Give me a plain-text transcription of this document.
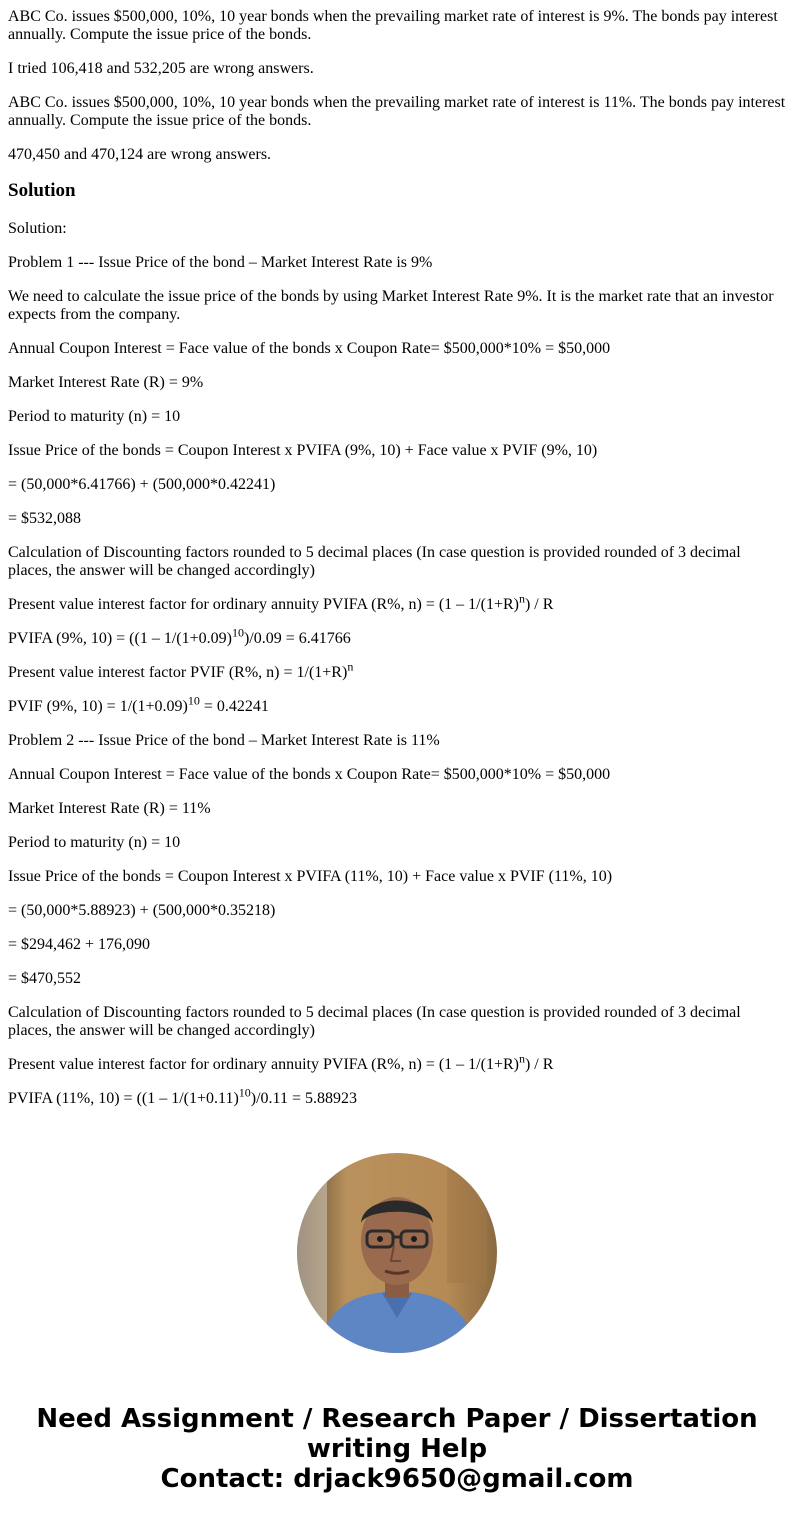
ABC Co. issues $500,000, 10%, 10 year bonds when the prevailing market rate of interest is 9%. The bonds pay interest annually. Compute the issue price of the bonds.

I tried 106,418 and 532,205 are wrong answers.

ABC Co. issues $500,000, 10%, 10 year bonds when the prevailing market rate of interest is 11%. The bonds pay interest annually. Compute the issue price of the bonds.

470,450 and 470,124 are wrong answers.

Solution

Solution:

Problem 1 --- Issue Price of the bond – Market Interest Rate is 9%

We need to calculate the issue price of the bonds by using Market Interest Rate 9%. It is the market rate that an investor expects from the company.

Annual Coupon Interest = Face value of the bonds x Coupon Rate= $500,000*10% = $50,000

Market Interest Rate (R) = 9%

Period to maturity (n) = 10

Issue Price of the bonds = Coupon Interest x PVIFA (9%, 10) + Face value x PVIF (9%, 10)

= (50,000*6.41766) + (500,000*0.42241)

= $532,088

Calculation of Discounting factors rounded to 5 decimal places (In case question is provided rounded of 3 decimal places, the answer will be changed accordingly)

Present value interest factor for ordinary annuity PVIFA (R%, $n) = (1 - 1/(1+R)^n) / R$

PVIFA (9%, $10) = ((1 - 1/(1+0.09)^{10})/0.09 = 6.41766$

Present value interest factor PVIF (R%, $n) = 1/(1+R)^n$

PVIF (9%, $10) = 1/(1+0.09)^{10} = 0.42241$

Problem 2 --- Issue Price of the bond – Market Interest Rate is 11%

Annual Coupon Interest = Face value of the bonds x Coupon Rate= $500,000*10% = $50,000

Market Interest Rate (R) = 11%

Period to maturity (n) = 10

Issue Price of the bonds = Coupon Interest x PVIFA (11%, 10) + Face value x PVIF (11%, 10)

= (50,000*5.88923) + (500,000*0.35218)

= $294,462 + 176,090

= $470,552

Calculation of Discounting factors rounded to 5 decimal places (In case question is provided rounded of 3 decimal places, the answer will be changed accordingly)

Present value interest factor for ordinary annuity PVIFA (R%, $n) = (1 - 1/(1+R)^n) / R$

PVIFA (11%, $10) = ((1 - 1/(1+0.11)^{10})/0.11 = 5.88923$

Need Assignment / Research Paper / Dissertation
writing Help
Contact: drjack9650@gmail.com
